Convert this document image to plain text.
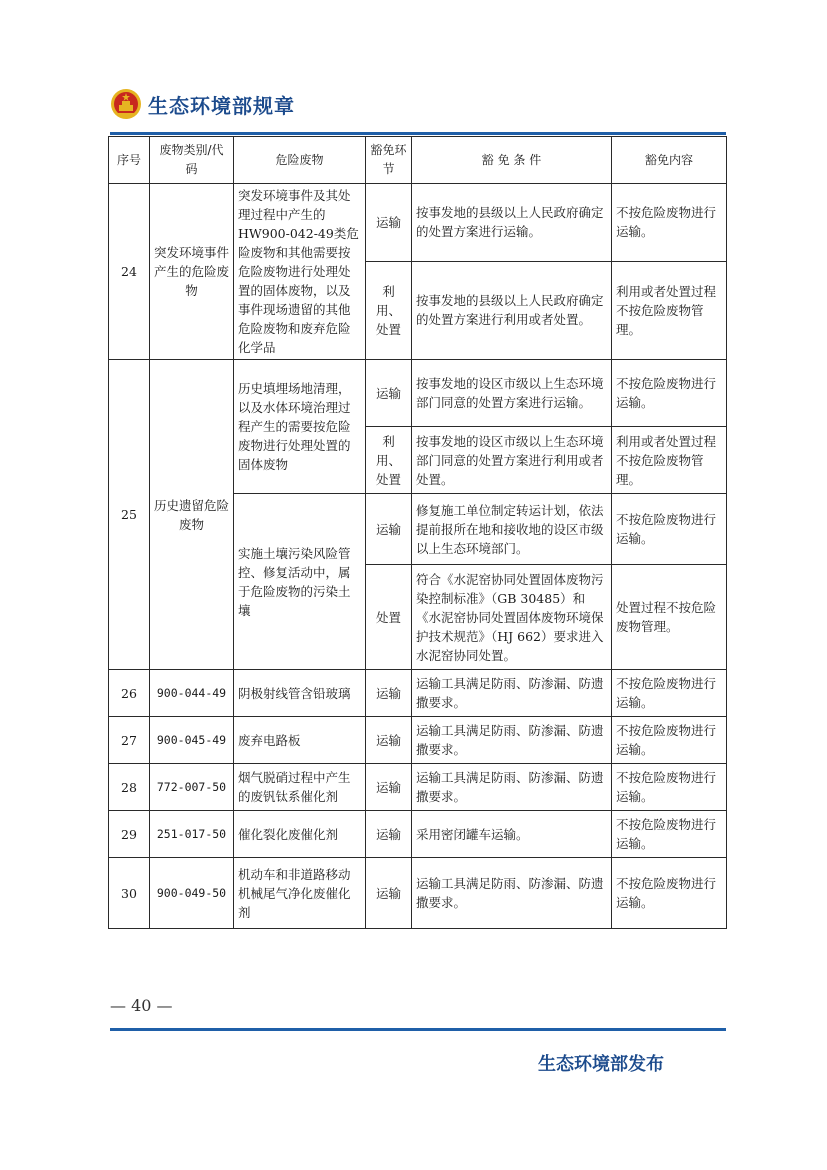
生态环境部规章
序号	废物类别/代码	危险废物	豁免环节	豁 免 条 件	豁免内容
24	突发环境事件产生的危险废物	突发环境事件及其处理过程中产生的HW900-042-49类危险废物和其他需要按危险废物进行处理处置的固体废物，以及事件现场遗留的其他危险废物和废弃危险化学品	运输	按事发地的县级以上人民政府确定的处置方案进行运输。	不按危险废物进行运输。
			利用、处置	按事发地的县级以上人民政府确定的处置方案进行利用或者处置。	利用或者处置过程不按危险废物管理。
25	历史遗留危险废物	历史填埋场地清理，以及水体环境治理过程产生的需要按危险废物进行处理处置的固体废物	运输	按事发地的设区市级以上生态环境部门同意的处置方案进行运输。	不按危险废物进行运输。
			利用、处置	按事发地的设区市级以上生态环境部门同意的处置方案进行利用或者处置。	利用或者处置过程不按危险废物管理。
		实施土壤污染风险管控、修复活动中，属于危险废物的污染土壤	运输	修复施工单位制定转运计划，依法提前报所在地和接收地的设区市级以上生态环境部门。	不按危险废物进行运输。
			处置	符合《水泥窑协同处置固体废物污染控制标准》（GB 30485）和《水泥窑协同处置固体废物环境保护技术规范》（HJ 662）要求进入水泥窑协同处置。	处置过程不按危险废物管理。
26	900-044-49	阴极射线管含铅玻璃	运输	运输工具满足防雨、防渗漏、防遗撒要求。	不按危险废物进行运输。
27	900-045-49	废弃电路板	运输	运输工具满足防雨、防渗漏、防遗撒要求。	不按危险废物进行运输。
28	772-007-50	烟气脱硝过程中产生的废钒钛系催化剂	运输	运输工具满足防雨、防渗漏、防遗撒要求。	不按危险废物进行运输。
29	251-017-50	催化裂化废催化剂	运输	采用密闭罐车运输。	不按危险废物进行运输。
30	900-049-50	机动车和非道路移动机械尾气净化废催化剂	运输	运输工具满足防雨、防渗漏、防遗撒要求。	不按危险废物进行运输。
— 40 —
生态环境部发布
